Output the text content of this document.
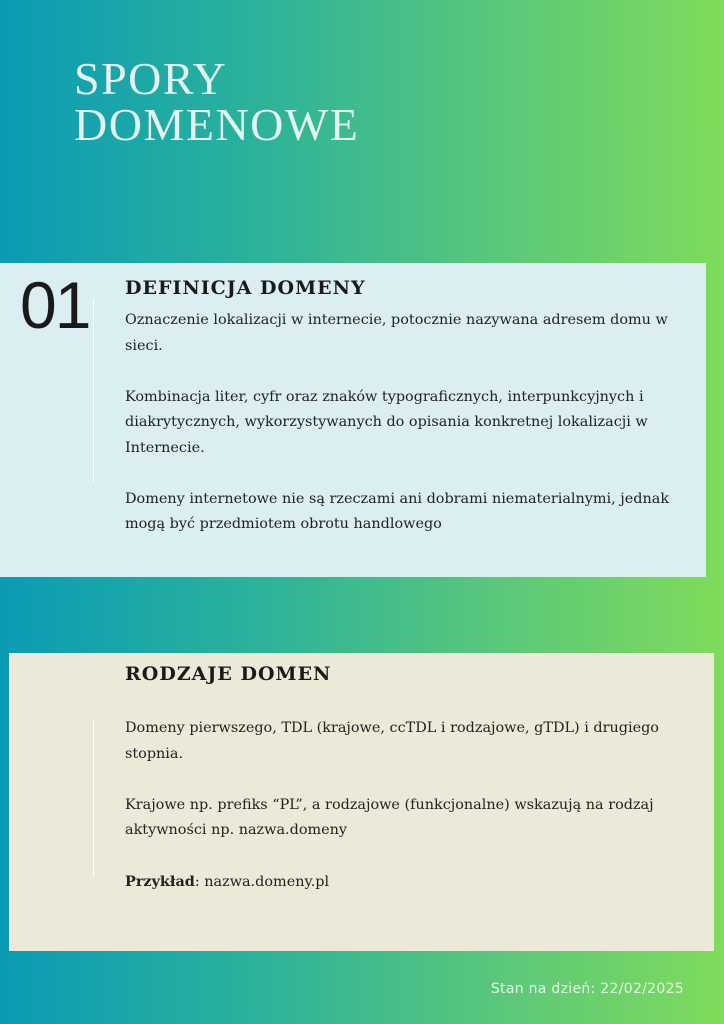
SPORY
DOMENOWE
01 DEFINICJA DOMENY

Oznaczenie lokalizacji w internecie, potocznie nazywana adresem domu w sieci.

Kombinacja liter, cyfr oraz znaków typograficznych, interpunkcyjnych i diakrytycznych, wykorzystywanych do opisania konkretnej lokalizacji w Internecie.

Domeny internetowe nie są rzeczami ani dobrami niematerialnymi, jednak mogą być przedmiotem obrotu handlowego

RODZAJE DOMEN

Domeny pierwszego, TDL (krajowe, ccTDL i rodzajowe, gTDL) i drugiego stopnia.

Krajowe np. prefiks “PL”, a rodzajowe (funkcjonalne) wskazują na rodzaj aktywności np. nazwa.domeny

Przykład: nazwa.domeny.pl

Stan na dzień: 22/02/2025
